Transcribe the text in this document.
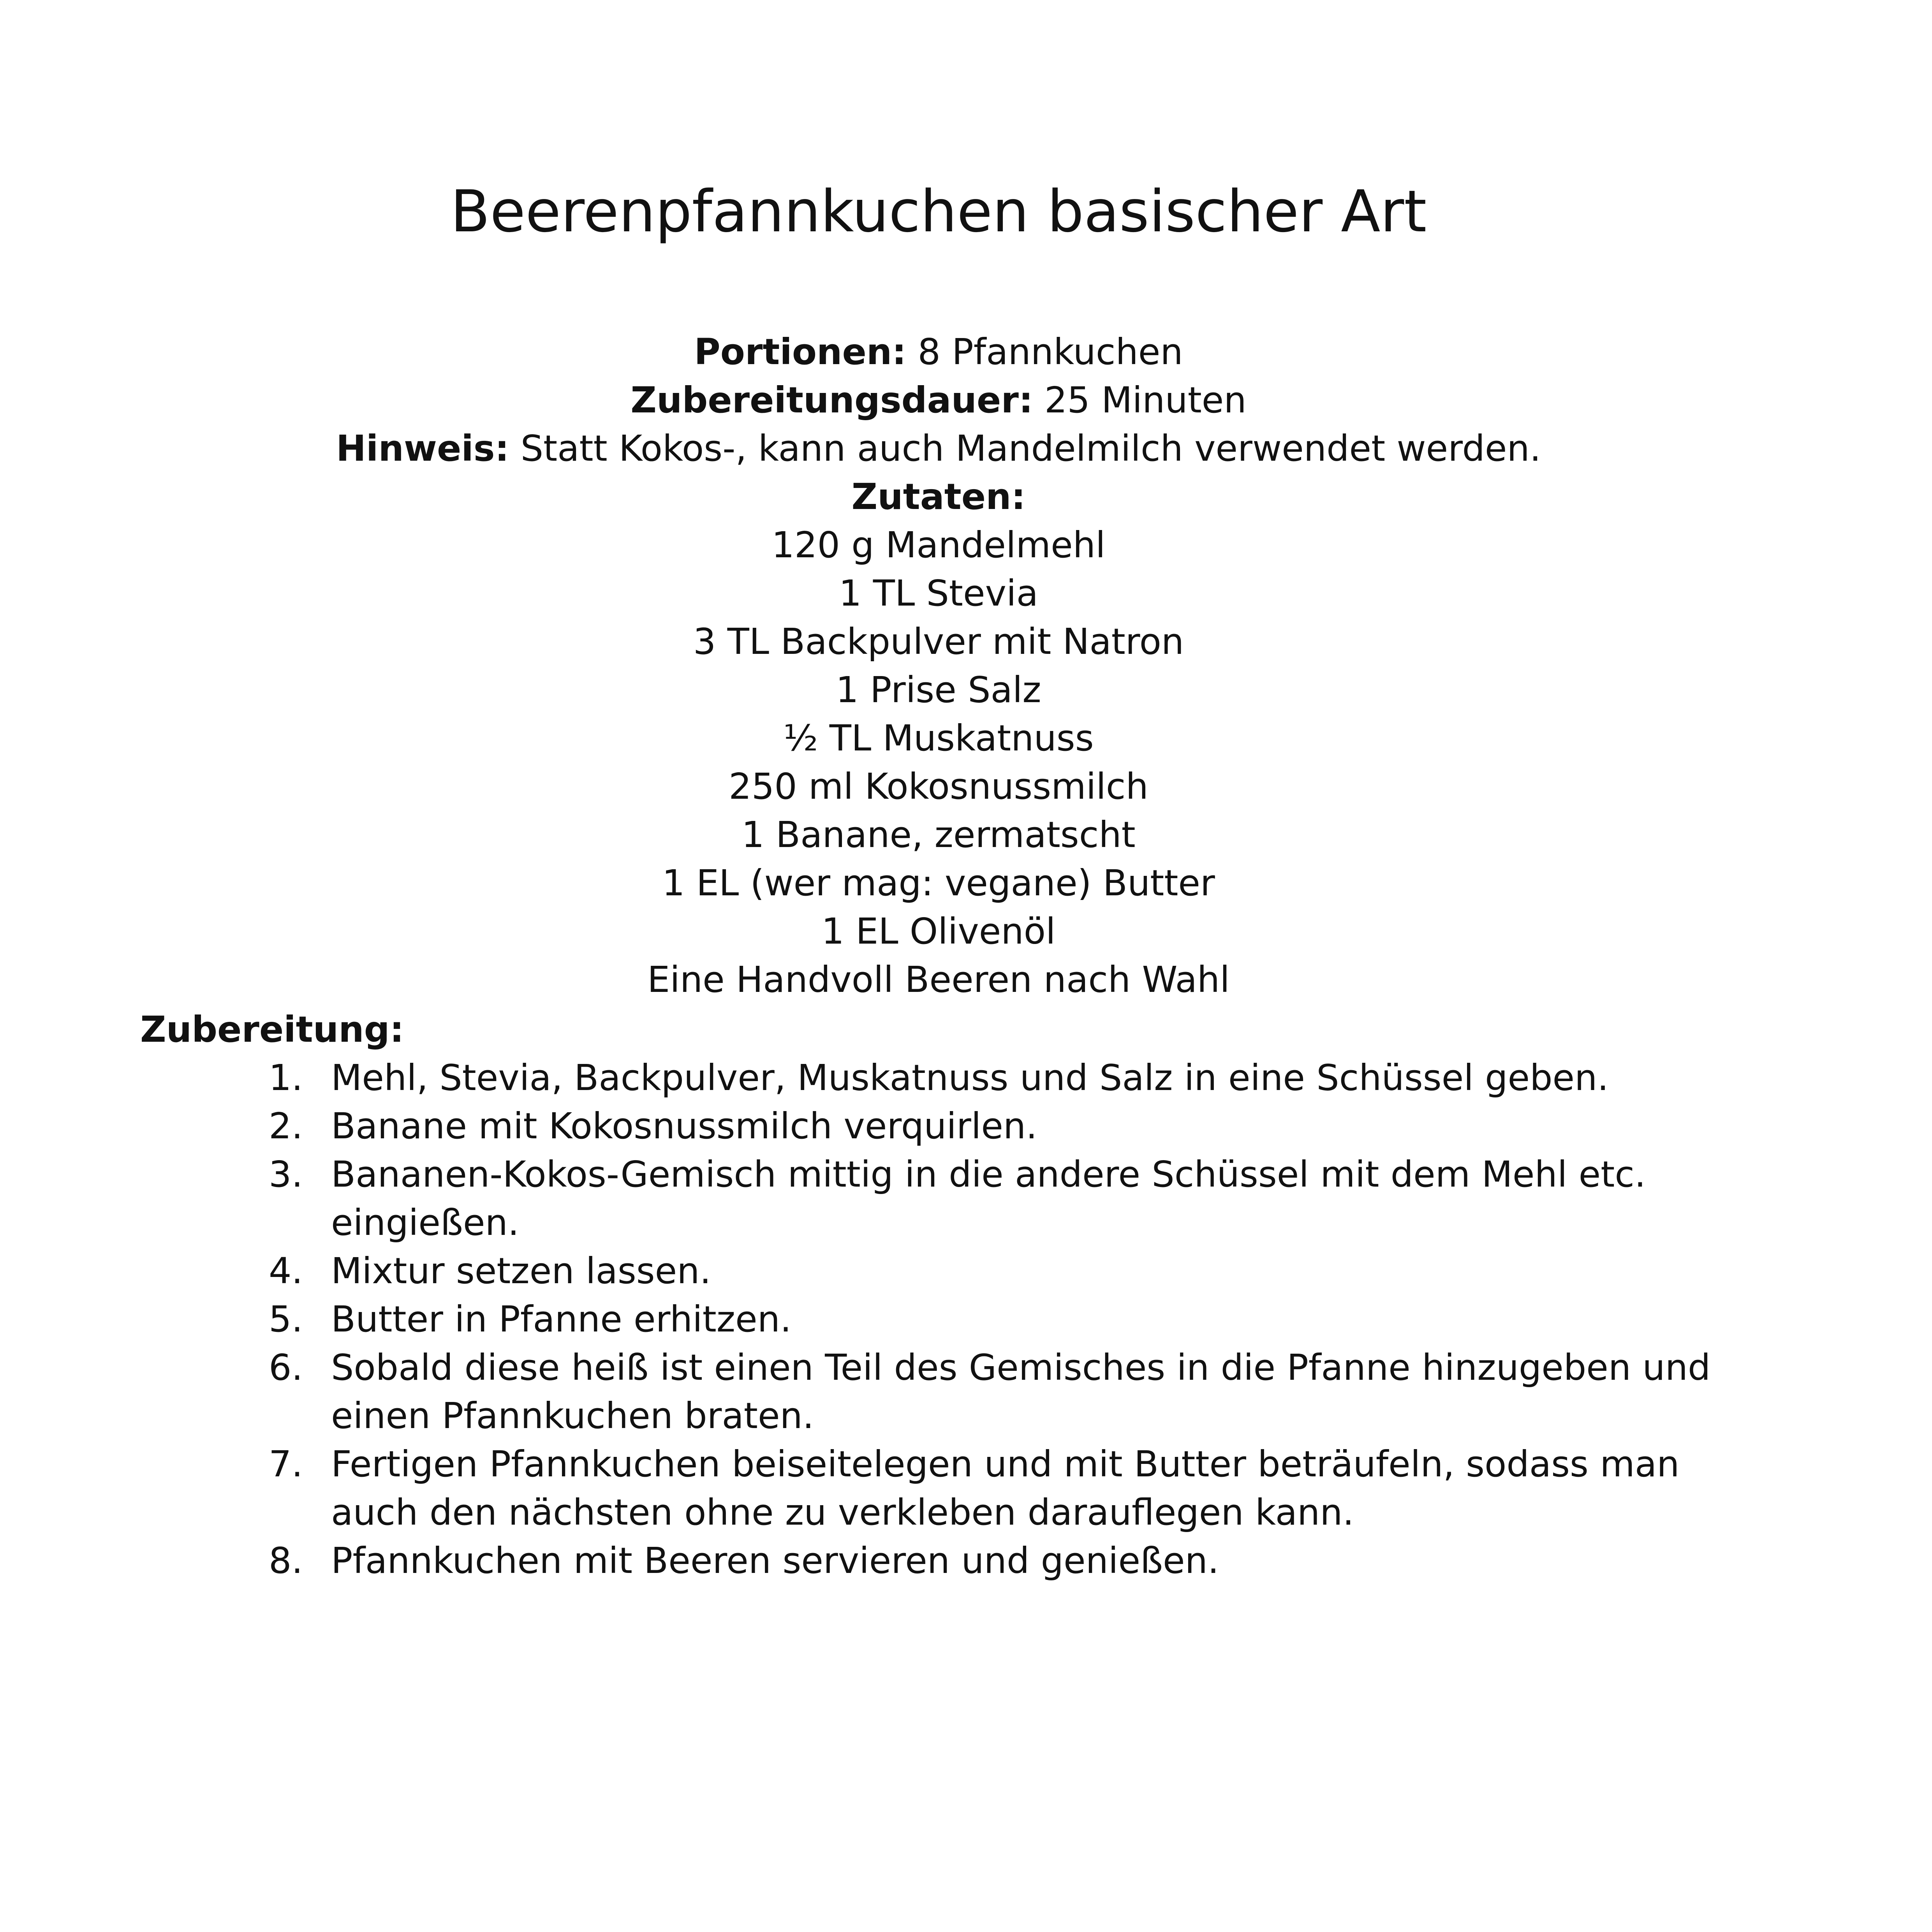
Beerenpfannkuchen basischer Art
Portionen: 8 Pfannkuchen
Zubereitungsdauer: 25 Minuten
Hinweis: Statt Kokos-, kann auch Mandelmilch verwendet werden.
Zutaten:
120 g Mandelmehl
1 TL Stevia
3 TL Backpulver mit Natron
1 Prise Salz
½ TL Muskatnuss
250 ml Kokosnussmilch
1 Banane, zermatscht
1 EL (wer mag: vegane) Butter
1 EL Olivenöl
Eine Handvoll Beeren nach Wahl
Zubereitung:
1. Mehl, Stevia, Backpulver, Muskatnuss und Salz in eine Schüssel geben.
2. Banane mit Kokosnussmilch verquirlen.
3. Bananen-Kokos-Gemisch mittig in die andere Schüssel mit dem Mehl etc. eingießen.
4. Mixtur setzen lassen.
5. Butter in Pfanne erhitzen.
6. Sobald diese heiß ist einen Teil des Gemisches in die Pfanne hinzugeben und einen Pfannkuchen braten.
7. Fertigen Pfannkuchen beiseitelegen und mit Butter beträufeln, sodass man auch den nächsten ohne zu verkleben darauflegen kann.
8. Pfannkuchen mit Beeren servieren und genießen.
